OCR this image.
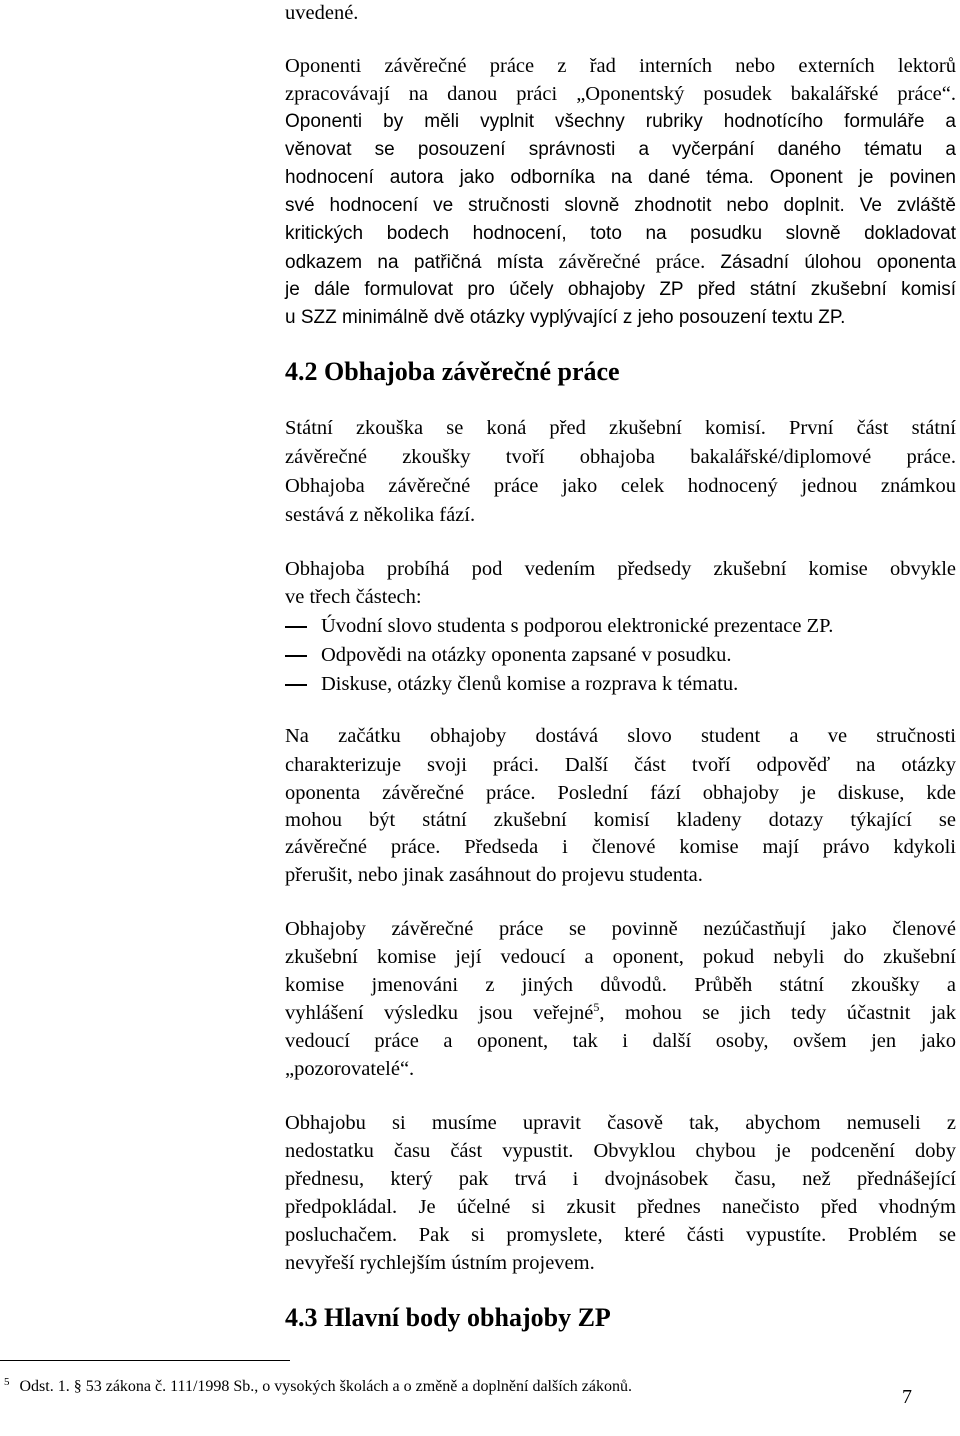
uvedené.
Oponenti závěrečné práce z řad interních nebo externích lektorů
zpracovávají na danou práci „Oponentský posudek bakalářské práce“.
Oponenti by měli vyplnit všechny rubriky hodnotícího formuláře a
věnovat se posouzení správnosti a vyčerpání daného tématu a
hodnocení autora jako odborníka na dané téma. Oponent je povinen
své hodnocení ve stručnosti slovně zhodnotit nebo doplnit. Ve zvláště
kritických bodech hodnocení, toto na posudku slovně dokladovat
odkazem na patřičná místa závěrečné práce. Zásadní úlohou oponenta
je dále formulovat pro účely obhajoby ZP před státní zkušební komisí
u SZZ minimálně dvě otázky vyplývající z jeho posouzení textu ZP.
4.2 Obhajoba závěrečné práce
Státní zkouška se koná před zkušební komisí. První část státní
závěrečné zkoušky tvoří obhajoba bakalářské/diplomové práce.
Obhajoba závěrečné práce jako celek hodnocený jednou známkou
sestává z několika fází.
Obhajoba probíhá pod vedením předsedy zkušební komise obvykle
ve třech částech:
Úvodní slovo studenta s podporou elektronické prezentace ZP.
Odpovědi na otázky oponenta zapsané v posudku.
Diskuse, otázky členů komise a rozprava k tématu.
Na začátku obhajoby dostává slovo student a ve stručnosti
charakterizuje svoji práci. Další část tvoří odpověď na otázky
oponenta závěrečné práce. Poslední fází obhajoby je diskuse, kde
mohou být státní zkušební komisí kladeny dotazy týkající se
závěrečné práce. Předseda i členové komise mají právo kdykoli
přerušit, nebo jinak zasáhnout do projevu studenta.
Obhajoby závěrečné práce se povinně nezúčastňují jako členové
zkušební komise její vedoucí a oponent, pokud nebyli do zkušební
komise jmenováni z jiných důvodů. Průběh státní zkoušky a
vyhlášení výsledku jsou veřejné$^5$, mohou se jich tedy účastnit jak
vedoucí práce a oponent, tak i další osoby, ovšem jen jako
„pozorovatelé“.
Obhajobu si musíme upravit časově tak, abychom nemuseli z
nedostatku času část vypustit. Obvyklou chybou je podcenění doby
přednesu, který pak trvá i dvojnásobek času, než přednášející
předpokládal. Je účelné si zkusit přednes nanečisto před vhodným
posluchačem. Pak si promyslete, které části vypustíte. Problém se
nevyřeší rychlejším ústním projevem.
4.3 Hlavní body obhajoby ZP
$^5$ Odst. 1. § 53 zákona č. 111/1998 Sb., o vysokých školách a o změně a doplnění dalších zákonů.	7
